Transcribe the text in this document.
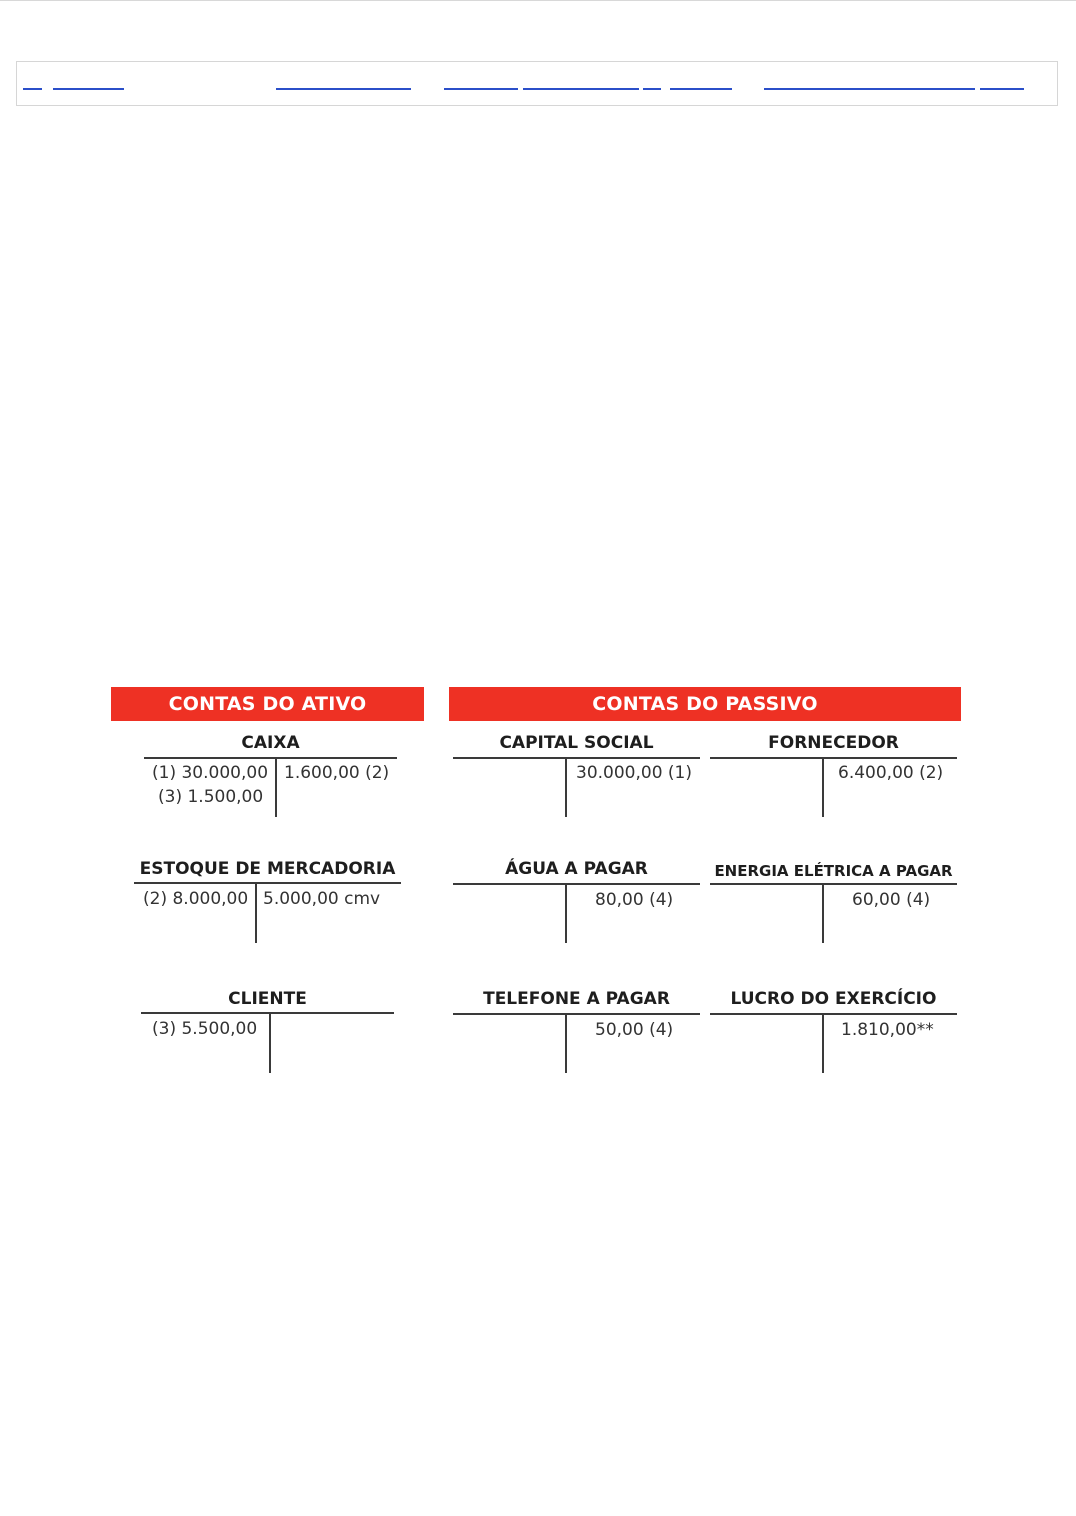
CONTAS DO ATIVO	CONTAS DO PASSIVO
CAIXA
(1) 30.000,00
(3) 1.500,00
1.600,00 (2)
ESTOQUE DE MERCADORIA
(2) 8.000,00 5.000,00 cmv
CLIENTE
(3) 5.500,00
CAPITAL SOCIAL
30.000,00 (1)
FORNECEDOR
6.400,00 (2)
ÁGUA A PAGAR
80,00 (4)
ENERGIA ELÉTRICA A PAGAR
60,00 (4)
TELEFONE A PAGAR
50,00 (4)
LUCRO DO EXERCÍCIO
1.810,00**
